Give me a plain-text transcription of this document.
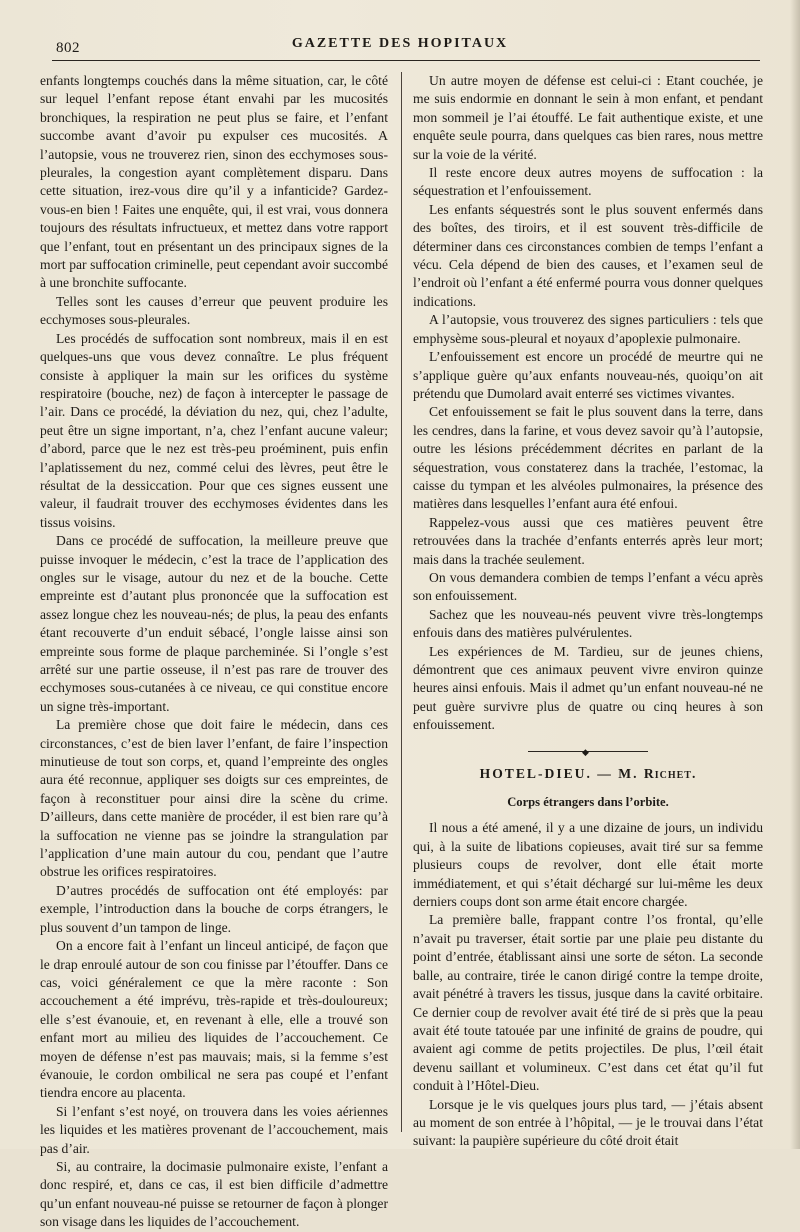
802	GAZETTE DES HOPITAUX

enfants longtemps couchés dans la même situation, car, le côté sur lequel l’enfant repose étant envahi par les mucosités bronchiques, la respiration ne peut plus se faire, et l’enfant succombe avant d’avoir pu expulser ces mucosités. A l’autopsie, vous ne trouverez rien, sinon des ecchymoses sous-pleurales, la congestion ayant complètement disparu. Dans cette situation, irez-vous dire qu’il y a infanticide? Gardez-vous-en bien ! Faites une enquête, qui, il est vrai, vous donnera toujours des résultats infructueux, et mettez dans votre rapport que l’enfant, tout en présentant un des principaux signes de la mort par suffocation criminelle, peut cependant avoir succombé à une bronchite suffocante.

Telles sont les causes d’erreur que peuvent produire les ecchymoses sous-pleurales.

Les procédés de suffocation sont nombreux, mais il en est quelques-uns que vous devez connaître. Le plus fréquent consiste à appliquer la main sur les orifices du système respiratoire (bouche, nez) de façon à intercepter le passage de l’air. Dans ce procédé, la déviation du nez, qui, chez l’adulte, peut être un signe important, n’a, chez l’enfant aucune valeur; d’abord, parce que le nez est très-peu proéminent, puis enfin l’aplatissement du nez, commé celui des lèvres, peut être le résultat de la dessiccation. Pour que ces signes eussent une valeur, il faudrait trouver des ecchymoses évidentes dans les tissus voisins.

Dans ce procédé de suffocation, la meilleure preuve que puisse invoquer le médecin, c’est la trace de l’application des ongles sur le visage, autour du nez et de la bouche. Cette empreinte est d’autant plus prononcée que la suffocation est assez longue chez les nouveau-nés; de plus, la peau des enfants étant recouverte d’un enduit sébacé, l’ongle laisse ainsi son empreinte sous forme de plaque parcheminée. Si l’ongle s’est arrêté sur une partie osseuse, il n’est pas rare de trouver des ecchymoses sous-cutanées à ce niveau, ce qui constitue encore un signe très-important.

La première chose que doit faire le médecin, dans ces circonstances, c’est de bien laver l’enfant, de faire l’inspection minutieuse de tout son corps, et, quand l’empreinte des ongles aura été reconnue, appliquer ses doigts sur ces empreintes, de façon à reconstituer pour ainsi dire la scène du crime. D’ailleurs, dans cette manière de procéder, il est bien rare qu’à la suffocation ne vienne pas se joindre la strangulation par l’application d’une main autour du cou, pendant que l’autre obstrue les orifices respiratoires.

D’autres procédés de suffocation ont été employés: par exemple, l’introduction dans la bouche de corps étrangers, le plus souvent d’un tampon de linge.

On a encore fait à l’enfant un linceul anticipé, de façon que le drap enroulé autour de son cou finisse par l’étouffer. Dans ce cas, voici généralement ce que la mère raconte : Son accouchement a été imprévu, très-rapide et très-douloureux; elle s’est évanouie, et, en revenant à elle, elle a trouvé son enfant mort au milieu des liquides de l’accouchement. Ce moyen de défense n’est pas mauvais; mais, si la femme s’est évanouie, le cordon ombilical ne sera pas coupé et l’enfant tiendra encore au placenta.

Si l’enfant s’est noyé, on trouvera dans les voies aériennes les liquides et les matières provenant de l’accouchement, mais pas d’air.

Si, au contraire, la docimasie pulmonaire existe, l’enfant a donc respiré, et, dans ce cas, il est bien difficile d’admettre qu’un enfant nouveau-né puisse se retourner de façon à plonger son visage dans les liquides de l’accouchement.

Un autre moyen de défense est celui-ci : Etant couchée, je me suis endormie en donnant le sein à mon enfant, et pendant mon sommeil je l’ai étouffé. Le fait authentique existe, et une enquête seule pourra, dans quelques cas bien rares, nous mettre sur la voie de la vérité.

Il reste encore deux autres moyens de suffocation : la séquestration et l’enfouissement.

Les enfants séquestrés sont le plus souvent enfermés dans des boîtes, des tiroirs, et il est souvent très-difficile de déterminer dans ces circonstances combien de temps l’enfant a vécu. Cela dépend de bien des causes, et l’examen seul de l’endroit où l’enfant a été enfermé pourra vous donner quelques indications.

A l’autopsie, vous trouverez des signes particuliers : tels que emphysème sous-pleural et noyaux d’apoplexie pulmonaire.

L’enfouissement est encore un procédé de meurtre qui ne s’applique guère qu’aux enfants nouveau-nés, quoiqu’on ait prétendu que Dumolard avait enterré ses victimes vivantes.

Cet enfouissement se fait le plus souvent dans la terre, dans les cendres, dans la farine, et vous devez savoir qu’à l’autopsie, outre les lésions précédemment décrites en parlant de la séquestration, vous constaterez dans la trachée, l’estomac, la caisse du tympan et les alvéoles pulmonaires, la présence des matières dans lesquelles l’enfant aura été enfoui.

Rappelez-vous aussi que ces matières peuvent être retrouvées dans la trachée d’enfants enterrés après leur mort; mais dans la trachée seulement.

On vous demandera combien de temps l’enfant a vécu après son enfouissement.

Sachez que les nouveau-nés peuvent vivre très-longtemps enfouis dans des matières pulvérulentes.

Les expériences de M. Tardieu, sur de jeunes chiens, démontrent que ces animaux peuvent vivre environ quinze heures ainsi enfouis. Mais il admet qu’un enfant nouveau-né ne peut guère survivre plus de quatre ou cinq heures à son enfouissement.

◆
HOTEL-DIEU. — M. Richet.
Corps étrangers dans l’orbite.

Il nous a été amené, il y a une dizaine de jours, un individu qui, à la suite de libations copieuses, avait tiré sur sa femme plusieurs coups de revolver, dont elle était morte immédiatement, et qui s’était déchargé sur lui-même les deux derniers coups dont son arme était encore chargée.

La première balle, frappant contre l’os frontal, qu’elle n’avait pu traverser, était sortie par une plaie peu distante du point d’entrée, établissant ainsi une sorte de séton. La seconde balle, au contraire, tirée le canon dirigé contre la tempe droite, avait pénétré à travers les tissus, jusque dans la cavité orbitaire. Ce dernier coup de revolver avait été tiré de si près que la peau avait été toute tatouée par une infinité de grains de poudre, qui avaient agi comme de petits projectiles. De plus, l’œil était devenu saillant et volumineux. C’est dans cet état qu’il fut conduit à l’Hôtel-Dieu.

Lorsque je le vis quelques jours plus tard, — j’étais absent au moment de son entrée à l’hôpital, — je le trouvai dans l’état suivant: la paupière supérieure du côté droit était
